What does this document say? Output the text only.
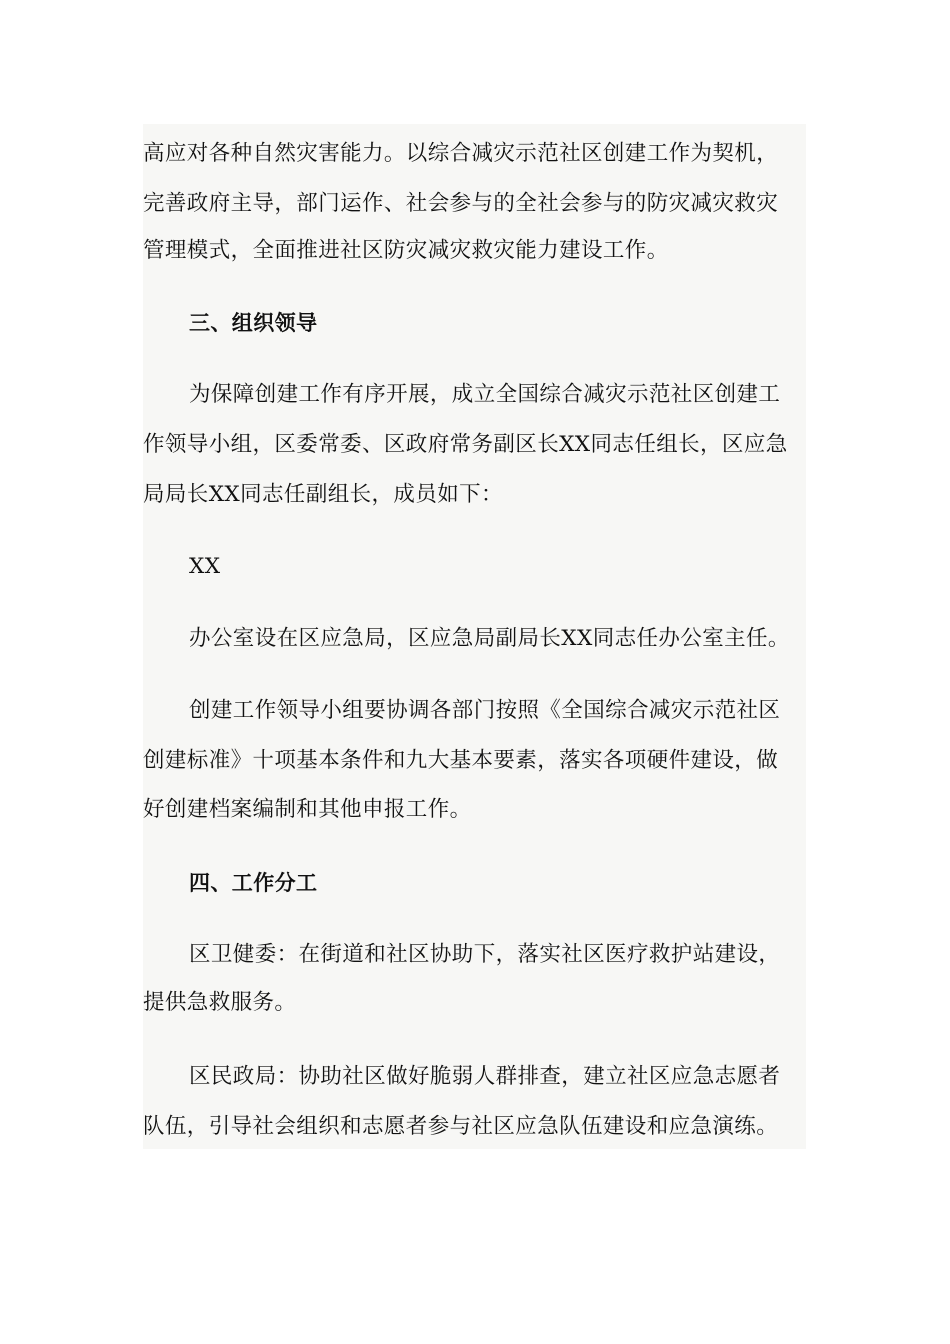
高应对各种自然灾害能力。以综合减灾示范社区创建工作为契机，
完善政府主导，部门运作、社会参与的全社会参与的防灾减灾救灾
管理模式，全面推进社区防灾减灾救灾能力建设工作。
三、组织领导
为保障创建工作有序开展，成立全国综合减灾示范社区创建工
作领导小组，区委常委、区政府常务副区长XX同志任组长，区应急
局局长XX同志任副组长，成员如下：
XX
办公室设在区应急局，区应急局副局长XX同志任办公室主任。
创建工作领导小组要协调各部门按照《全国综合减灾示范社区
创建标准》十项基本条件和九大基本要素，落实各项硬件建设，做
好创建档案编制和其他申报工作。
四、工作分工
区卫健委：在街道和社区协助下，落实社区医疗救护站建设，
提供急救服务。
区民政局：协助社区做好脆弱人群排查，建立社区应急志愿者
队伍，引导社会组织和志愿者参与社区应急队伍建设和应急演练。
